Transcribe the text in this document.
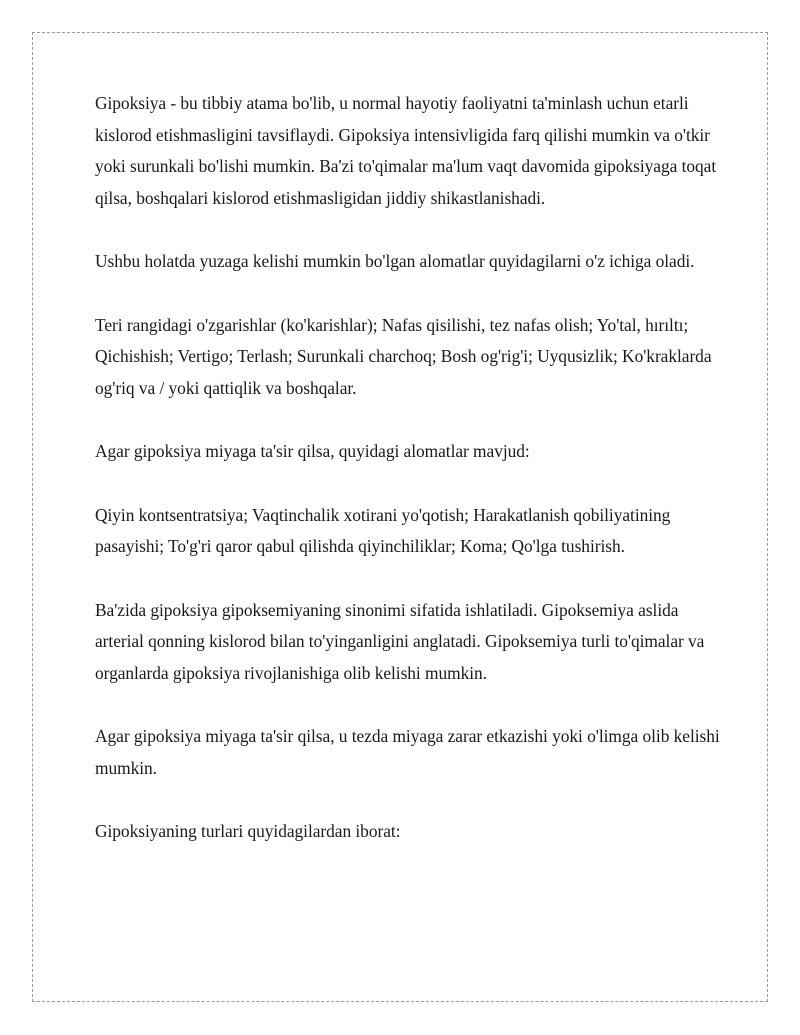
Gipoksiya - bu tibbiy atama bo'lib, u normal hayotiy faoliyatni ta'minlash uchun etarli kislorod etishmasligini tavsiflaydi. Gipoksiya intensivligida farq qilishi mumkin va o'tkir yoki surunkali bo'lishi mumkin. Ba'zi to'qimalar ma'lum vaqt davomida gipoksiyaga toqat qilsa, boshqalari kislorod etishmasligidan jiddiy shikastlanishadi.

Ushbu holatda yuzaga kelishi mumkin bo'lgan alomatlar quyidagilarni o'z ichiga oladi.

Teri rangidagi o'zgarishlar (ko'karishlar); Nafas qisilishi, tez nafas olish; Yo'tal, hırıltı; Qichishish; Vertigo; Terlash; Surunkali charchoq; Bosh og'rig'i; Uyqusizlik; Ko'kraklarda og'riq va / yoki qattiqlik va boshqalar.

Agar gipoksiya miyaga ta'sir qilsa, quyidagi alomatlar mavjud:

Qiyin kontsentratsiya; Vaqtinchalik xotirani yo'qotish; Harakatlanish qobiliyatining pasayishi; To'g'ri qaror qabul qilishda qiyinchiliklar; Koma; Qo'lga tushirish.

Ba'zida gipoksiya gipoksemiyaning sinonimi sifatida ishlatiladi. Gipoksemiya aslida arterial qonning kislorod bilan to'yinganligini anglatadi. Gipoksemiya turli to'qimalar va organlarda gipoksiya rivojlanishiga olib kelishi mumkin.

Agar gipoksiya miyaga ta'sir qilsa, u tezda miyaga zarar etkazishi yoki o'limga olib kelishi mumkin.

Gipoksiyaning turlari quyidagilardan iborat:
